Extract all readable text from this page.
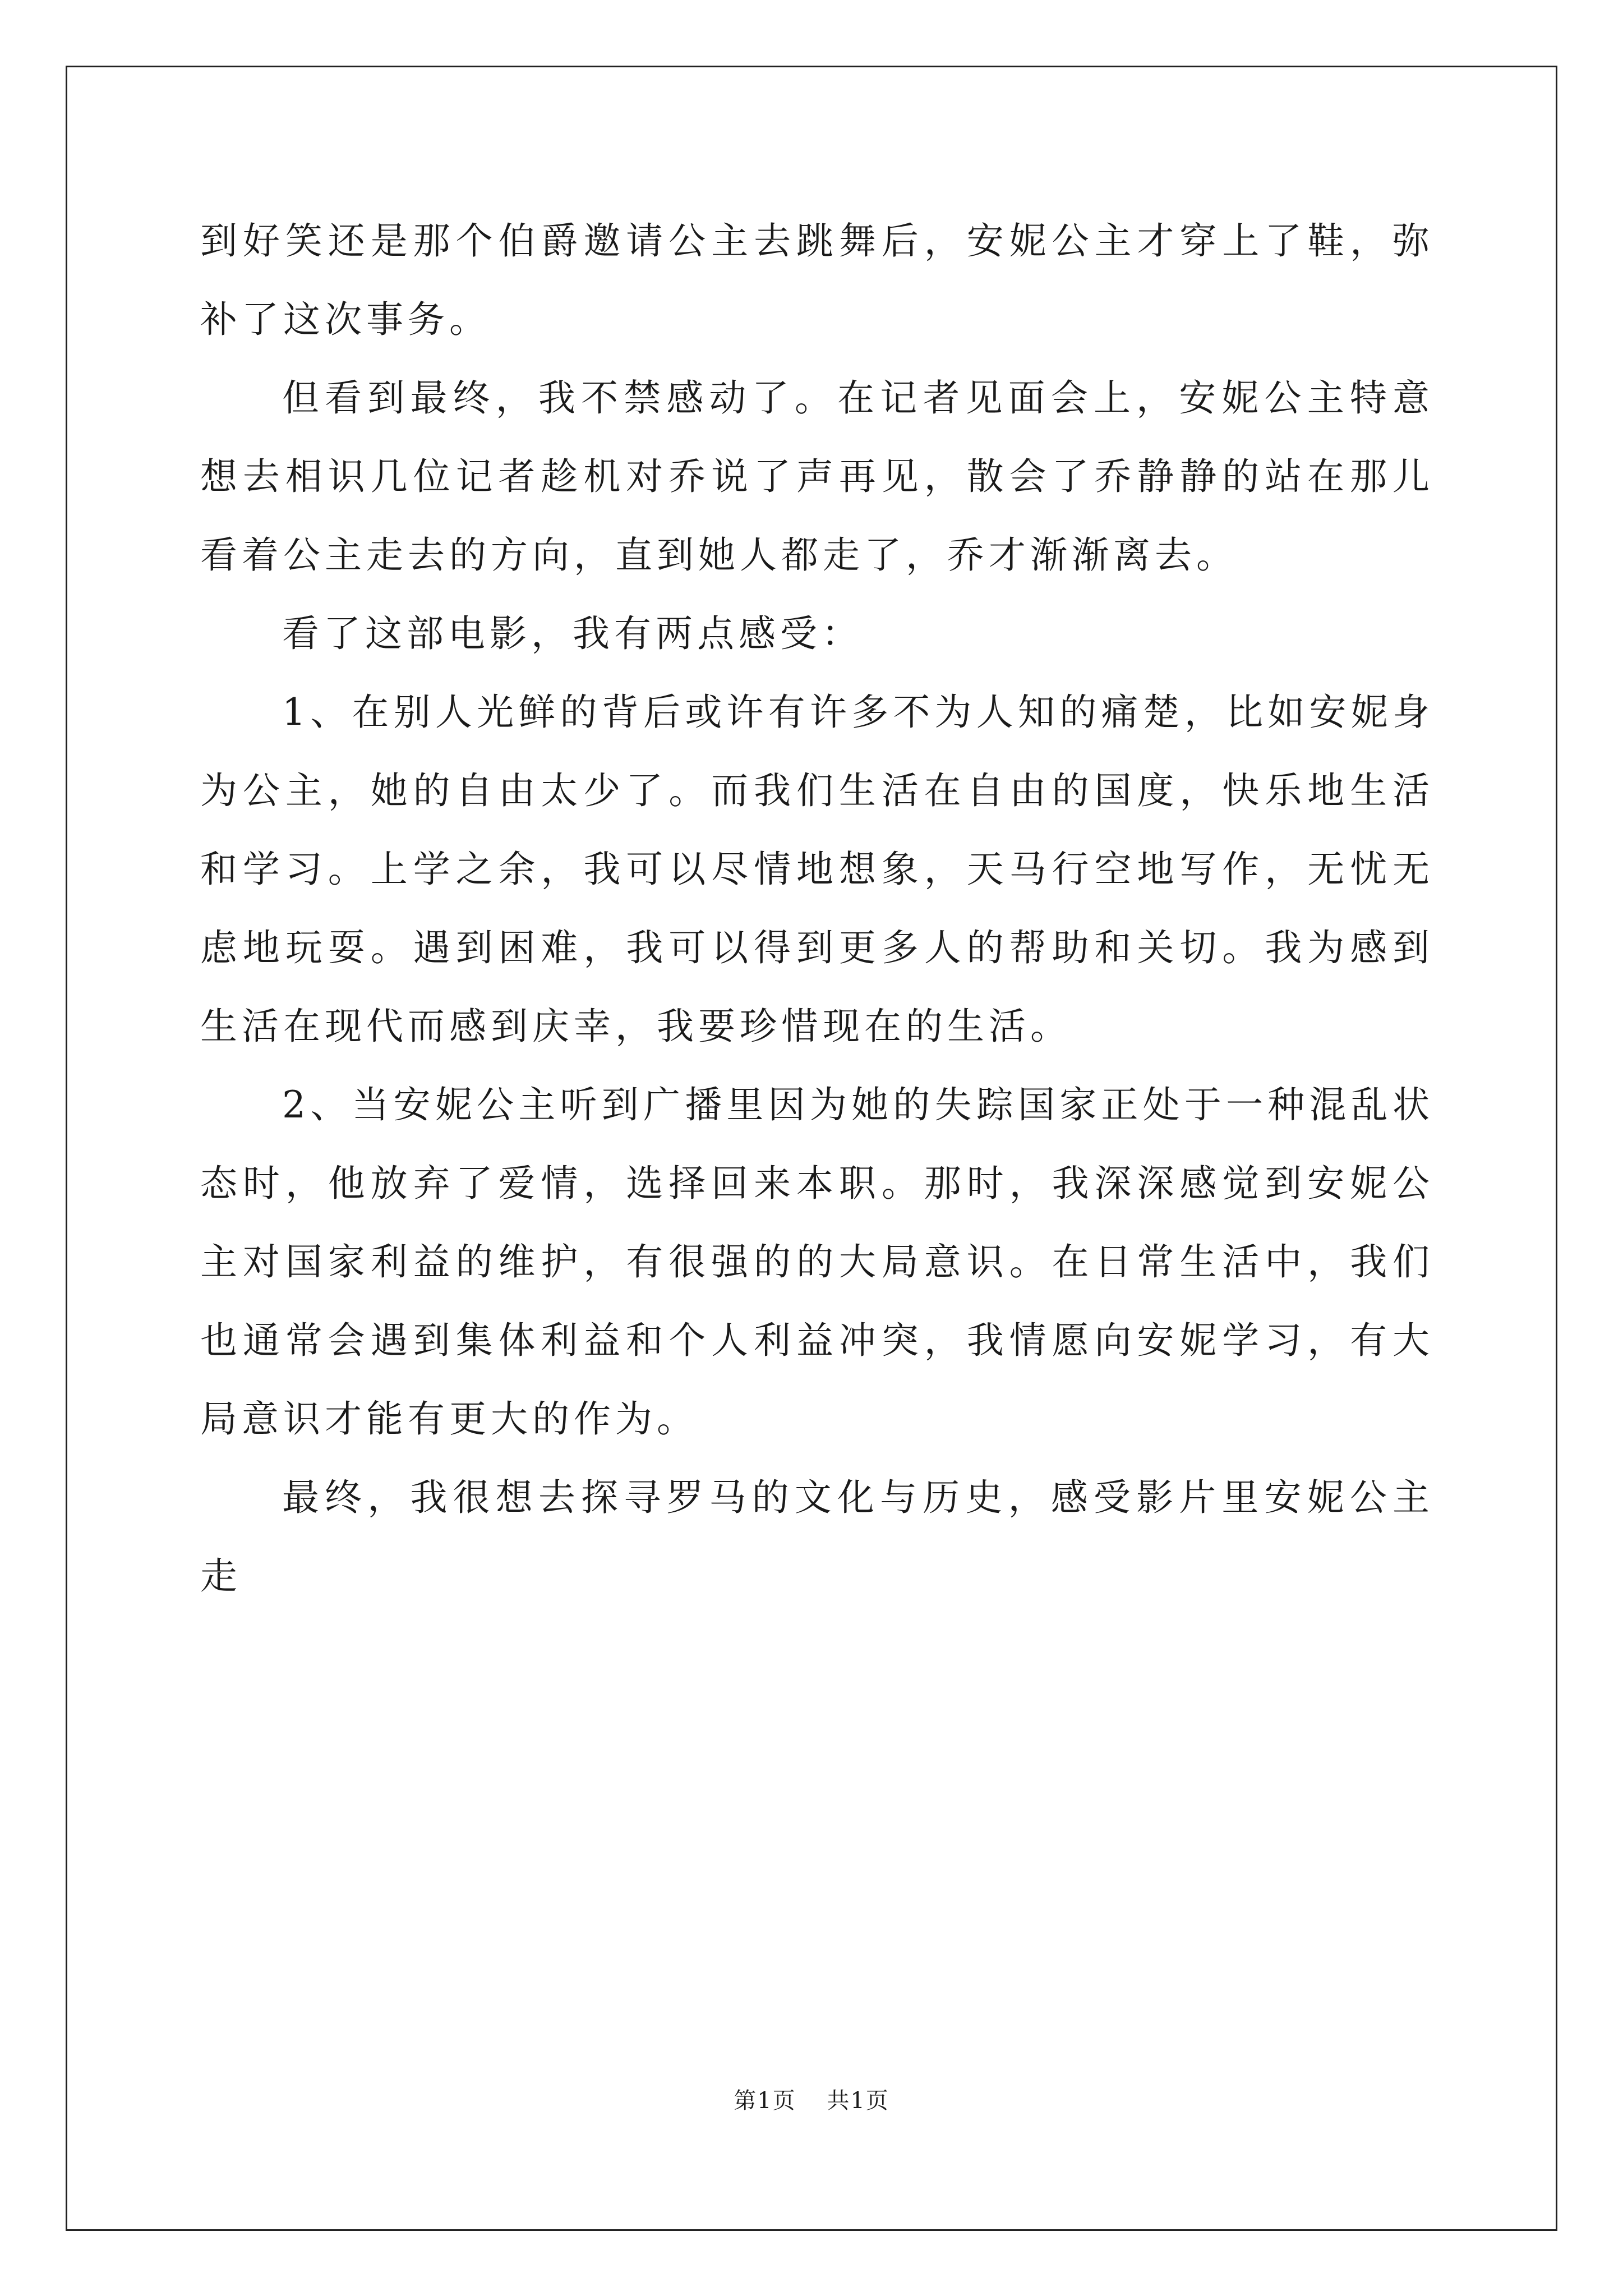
到好笑还是那个伯爵邀请公主去跳舞后，安妮公主才穿上了鞋，弥补了这次事务。

但看到最终，我不禁感动了。在记者见面会上，安妮公主特意想去相识几位记者趁机对乔说了声再见，散会了乔静静的站在那儿看着公主走去的方向，直到她人都走了，乔才渐渐离去。

看了这部电影，我有两点感受：

1、在别人光鲜的背后或许有许多不为人知的痛楚，比如安妮身为公主，她的自由太少了。而我们生活在自由的国度，快乐地生活和学习。上学之余，我可以尽情地想象，天马行空地写作，无忧无虑地玩耍。遇到困难，我可以得到更多人的帮助和关切。我为感到生活在现代而感到庆幸，我要珍惜现在的生活。

2、当安妮公主听到广播里因为她的失踪国家正处于一种混乱状态时，他放弃了爱情，选择回来本职。那时，我深深感觉到安妮公主对国家利益的维护，有很强的的大局意识。在日常生活中，我们也通常会遇到集体利益和个人利益冲突，我情愿向安妮学习，有大局意识才能有更大的作为。

最终，我很想去探寻罗马的文化与历史，感受影片里安妮公主走

第1页 共1页
